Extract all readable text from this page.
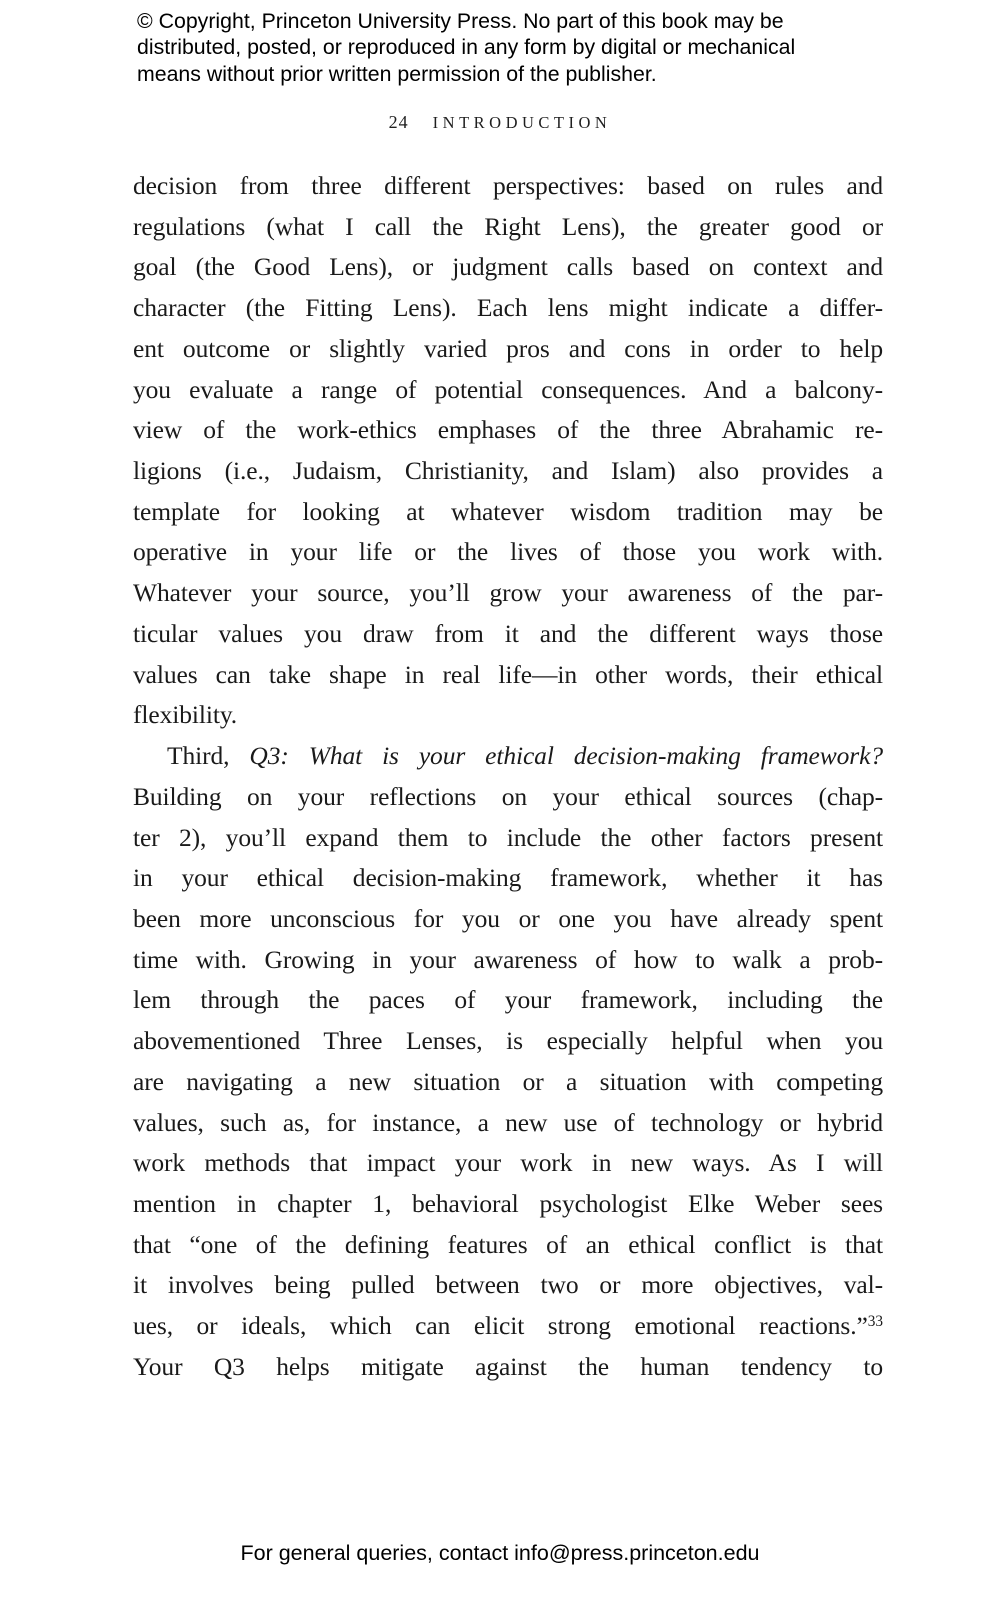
© Copyright, Princeton University Press. No part of this book may be
distributed, posted, or reproduced in any form by digital or mechanical
means without prior written permission of the publisher.
24 INTRODUCTION
decision from three different perspectives: based on rules and
regulations (what I call the Right Lens), the greater good or
goal (the Good Lens), or judgment calls based on context and
character (the Fitting Lens). Each lens might indicate a differ-
ent outcome or slightly varied pros and cons in order to help
you evaluate a range of potential consequences. And a balcony-
view of the work-ethics emphases of the three Abrahamic re-
ligions (i.e., Judaism, Christianity, and Islam) also provides a
template for looking at whatever wisdom tradition may be
operative in your life or the lives of those you work with.
Whatever your source, you’ll grow your awareness of the par-
ticular values you draw from it and the different ways those
values can take shape in real life—in other words, their ethical
flexibility.
Third, Q3: What is your ethical decision-making framework?
Building on your reflections on your ethical sources (chap-
ter 2), you’ll expand them to include the other factors present
in your ethical decision-making framework, whether it has
been more unconscious for you or one you have already spent
time with. Growing in your awareness of how to walk a prob-
lem through the paces of your framework, including the
abovementioned Three Lenses, is especially helpful when you
are navigating a new situation or a situation with competing
values, such as, for instance, a new use of technology or hybrid
work methods that impact your work in new ways. As I will
mention in chapter 1, behavioral psychologist Elke Weber sees
that “one of the defining features of an ethical conflict is that
it involves being pulled between two or more objectives, val-
ues, or ideals, which can elicit strong emotional reactions.”$^{33}$
Your Q3 helps mitigate against the human tendency to
For general queries, contact info@press.princeton.edu
